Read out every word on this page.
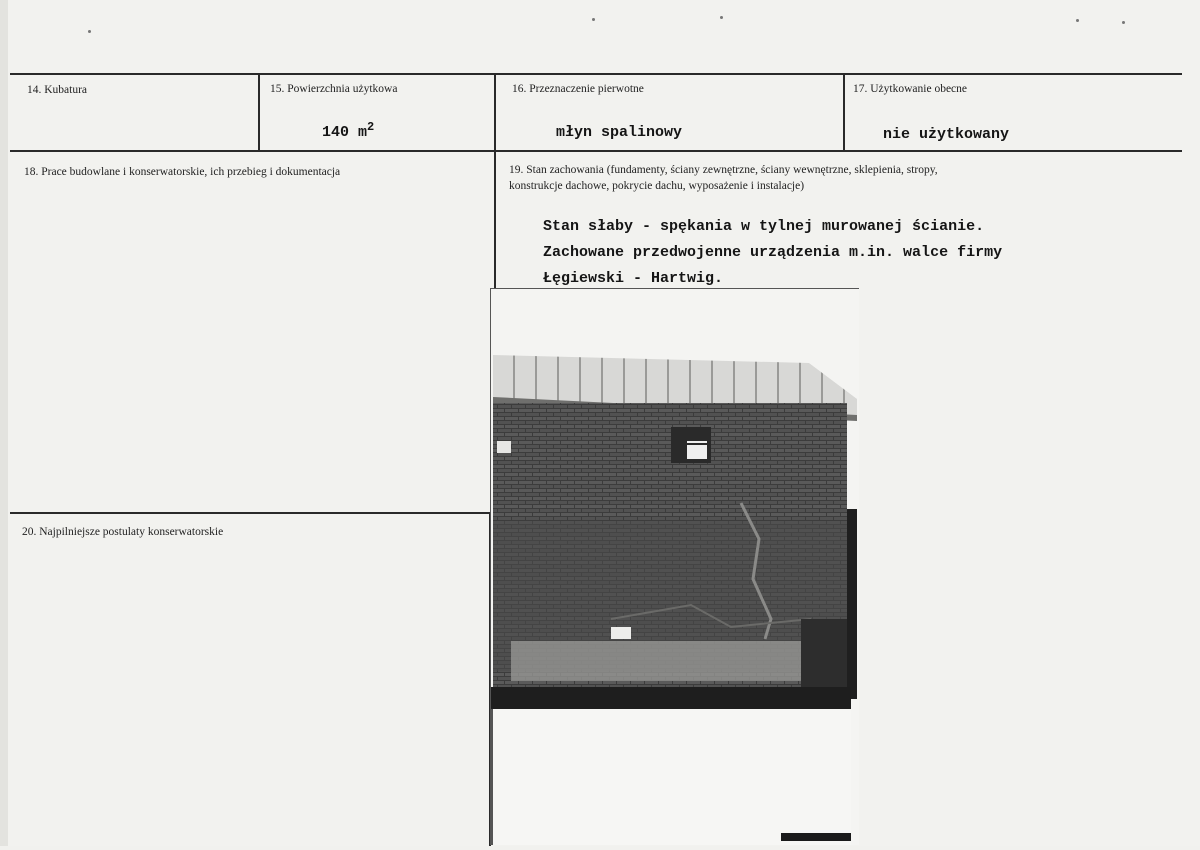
14. Kubatura	15. Powierzchnia użytkowa
140 $m^2$
16. Przeznaczenie pierwotne
młyn spalinowy
17. Użytkowanie obecne
nie użytkowany
18. Prace budowlane i konserwatorskie, ich przebieg i dokumentacja	19. Stan zachowania (fundamenty, ściany zewnętrzne, ściany wewnętrzne, sklepienia, stropy,
konstrukcje dachowe, pokrycie dachu, wyposażenie i instalacje)
Stan słaby - spękania w tylnej murowanej ścianie.
Zachowane przedwojenne urządzenia m.in. walce firmy
Łęgiewski - Hartwig.
20. Najpilniejsze postulaty konserwatorskie
